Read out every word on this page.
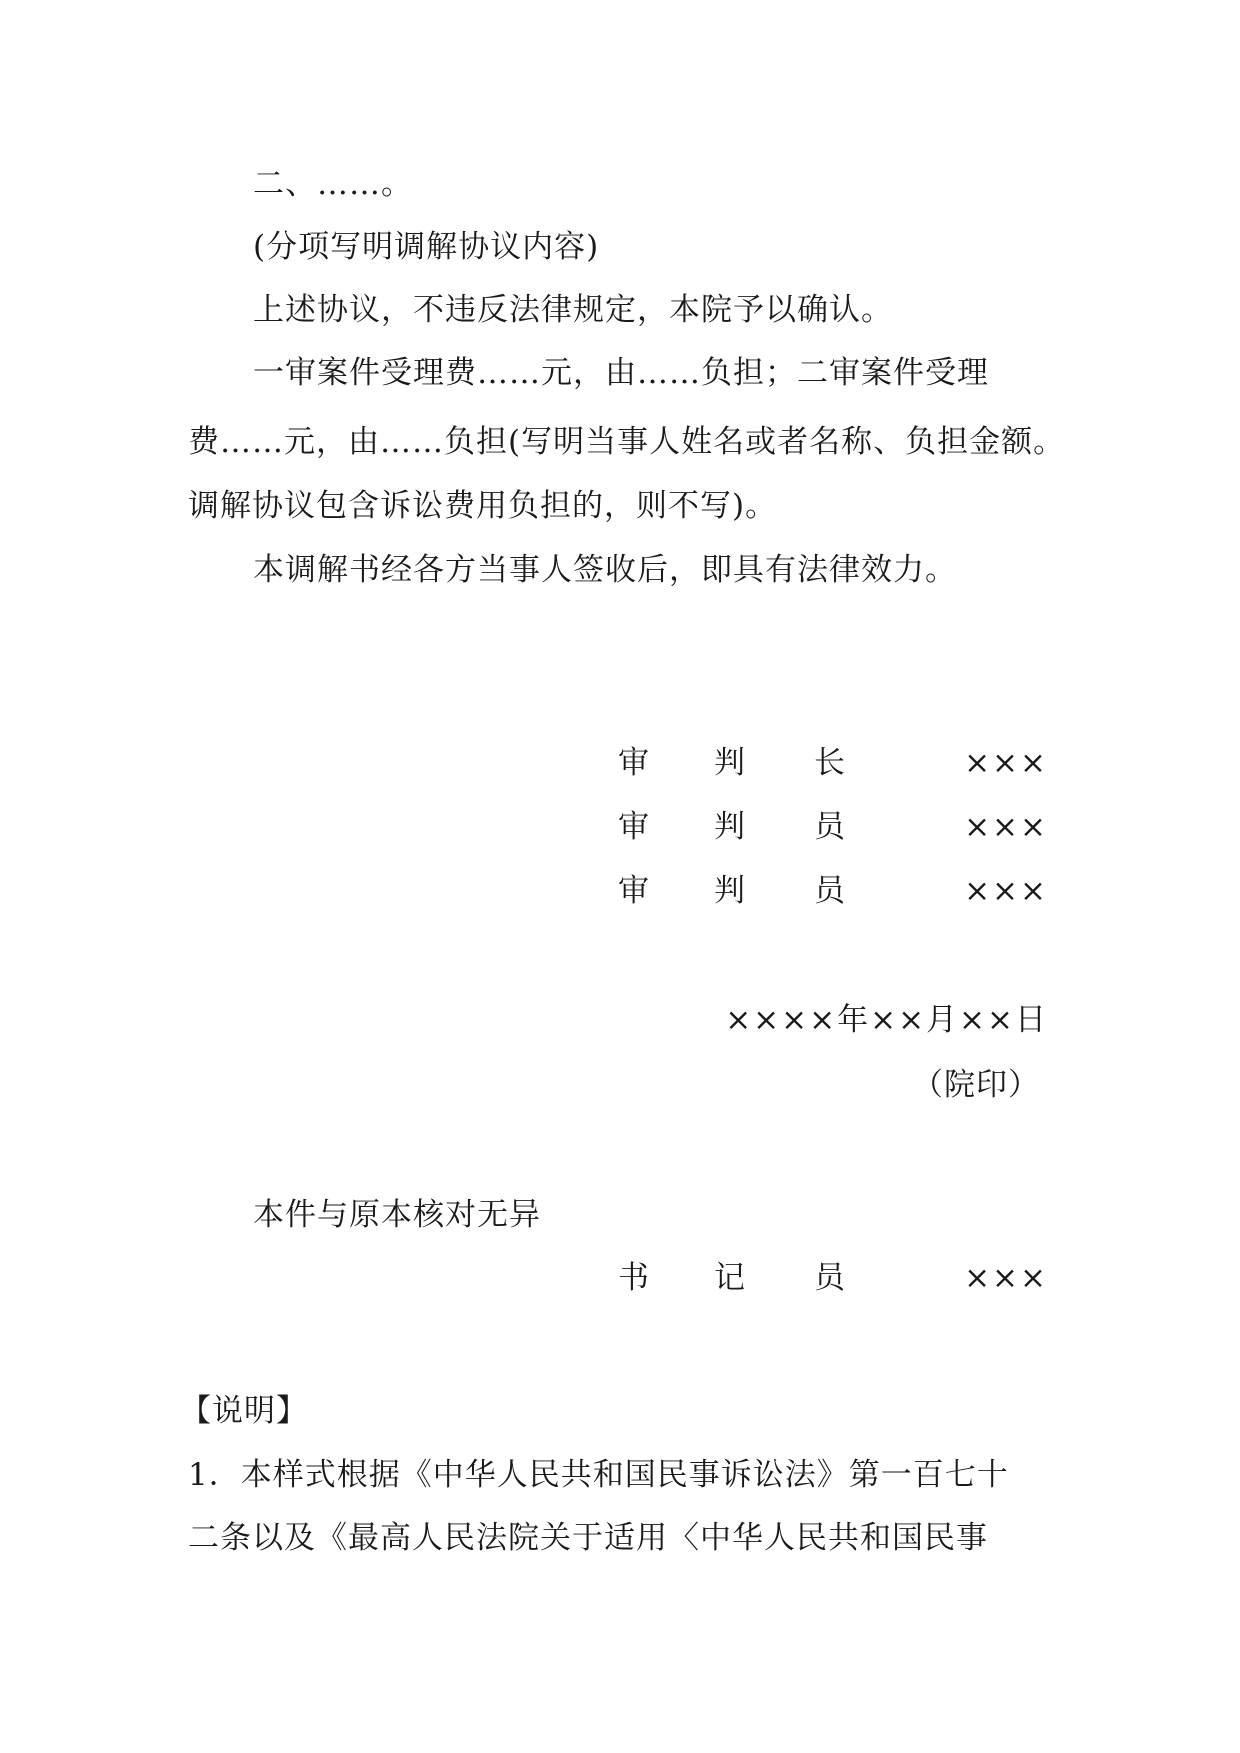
二、……。
(分项写明调解协议内容)
上述协议，不违反法律规定，本院予以确认。
一审案件受理费……元，由……负担；二审案件受理
费……元，由……负担(写明当事人姓名或者名称、负担金额。
调解协议包含诉讼费用负担的，则不写)。
本调解书经各方当事人签收后，即具有法律效力。
审 判 长	×××
审 判 员	×××
审 判 员	×××
××××年××月××日
（院印）
本件与原本核对无异
书 记 员	×××
【说明】
1．本样式根据《中华人民共和国民事诉讼法》第一百七十
二条以及《最高人民法院关于适用〈中华人民共和国民事
